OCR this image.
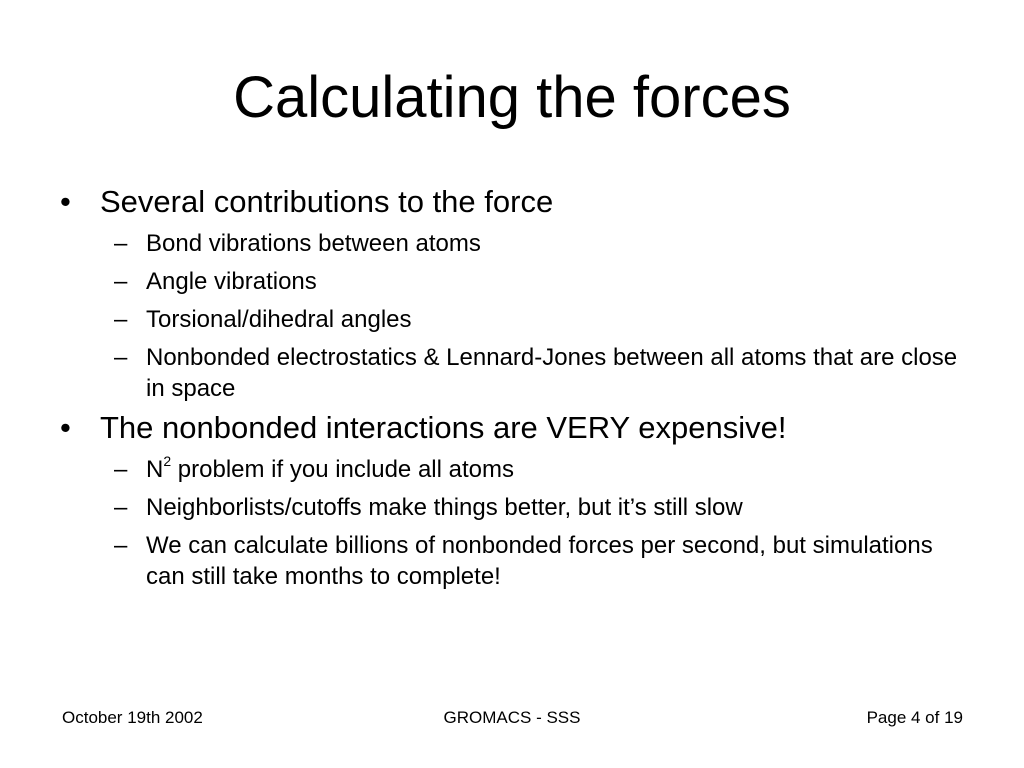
Calculating the forces
• Several contributions to the force
– Bond vibrations between atoms
– Angle vibrations
– Torsional/dihedral angles
– Nonbonded electrostatics & Lennard-Jones between all atoms that are close in space
• The nonbonded interactions are VERY expensive!
– $N^2$ problem if you include all atoms
– Neighborlists/cutoffs make things better, but it’s still slow
– We can calculate billions of nonbonded forces per second, but simulations can still take months to complete!
October 19th 2002	GROMACS - SSS	Page 4 of 19
